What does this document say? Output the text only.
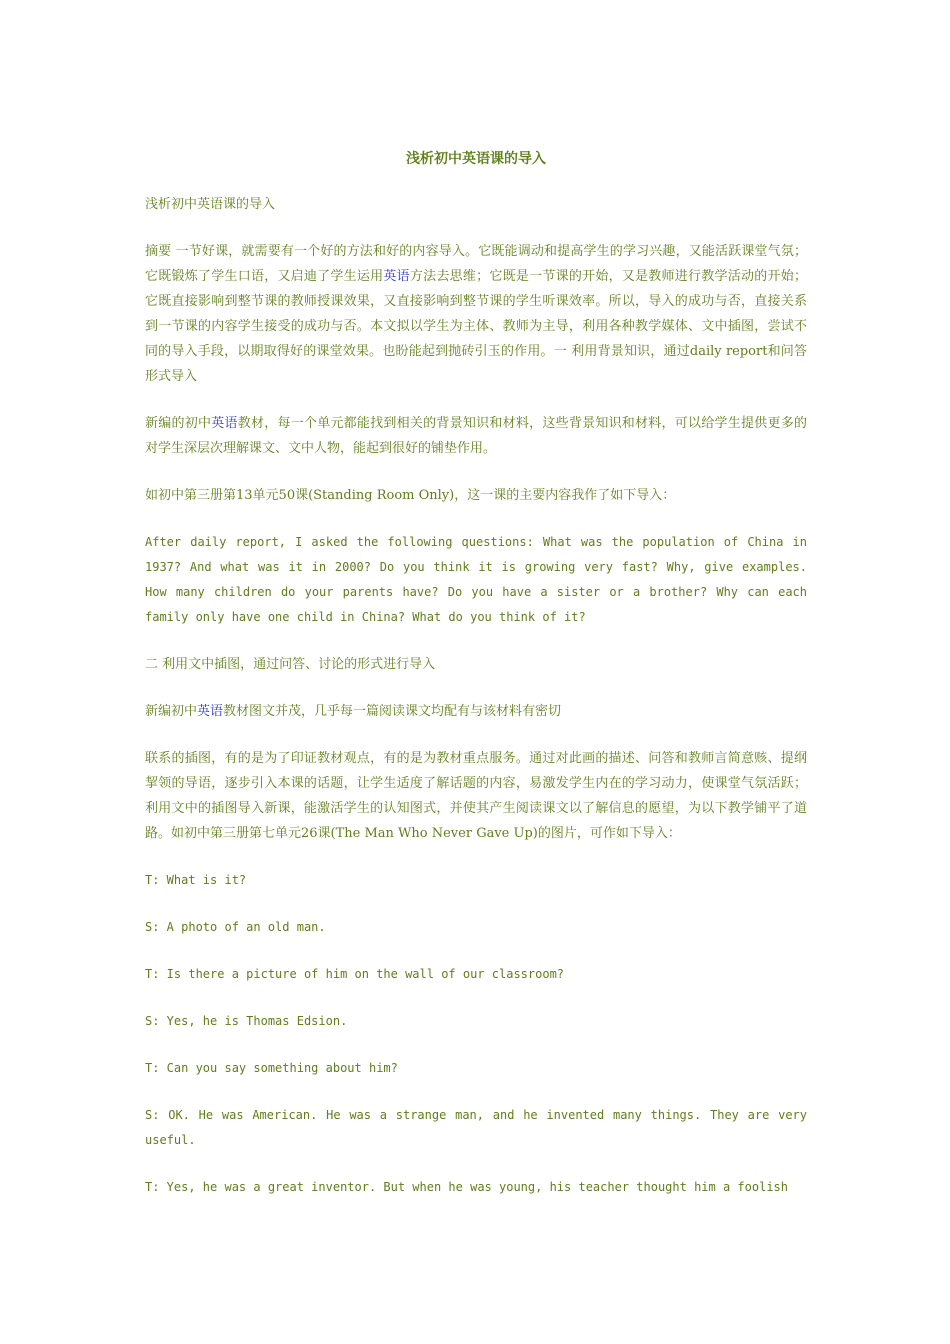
浅析初中英语课的导入

浅析初中英语课的导入

摘要 一节好课，就需要有一个好的方法和好的内容导入。它既能调动和提高学生的学习兴趣，又能活跃课堂气氛；它既锻炼了学生口语，又启迪了学生运用英语方法去思维；它既是一节课的开始，又是教师进行教学活动的开始；它既直接影响到整节课的教师授课效果，又直接影响到整节课的学生听课效率。所以，导入的成功与否，直接关系到一节课的内容学生接受的成功与否。本文拟以学生为主体、教师为主导，利用各种教学媒体、文中插图，尝试不同的导入手段，以期取得好的课堂效果。也盼能起到抛砖引玉的作用。一 利用背景知识，通过daily report和问答形式导入

新编的初中英语教材，每一个单元都能找到相关的背景知识和材料，这些背景知识和材料，可以给学生提供更多的对学生深层次理解课文、文中人物，能起到很好的铺垫作用。

如初中第三册第13单元50课(Standing Room Only)，这一课的主要内容我作了如下导入：

After daily report, I asked the following questions: What was the population of China in 1937? And what was it in 2000? Do you think it is growing very fast? Why, give examples. How many children do your parents have? Do you have a sister or a brother? Why can each family only have one child in China? What do you think of it?

二 利用文中插图，通过问答、讨论的形式进行导入

新编初中英语教材图文并茂，几乎每一篇阅读课文均配有与该材料有密切

联系的插图，有的是为了印证教材观点，有的是为教材重点服务。通过对此画的描述、问答和教师言简意赅、提纲挈领的导语，逐步引入本课的话题，让学生适度了解话题的内容，易激发学生内在的学习动力，使课堂气氛活跃；利用文中的插图导入新课，能激活学生的认知图式，并使其产生阅读课文以了解信息的愿望，为以下教学铺平了道路。如初中第三册第七单元26课(The Man Who Never Gave Up)的图片，可作如下导入：

T: What is it?

S: A photo of an old man.

T: Is there a picture of him on the wall of our classroom?

S: Yes, he is Thomas Edsion.

T: Can you say something about him?

S: OK. He was American. He was a strange man, and he invented many things. They are very useful.

T: Yes, he was a great inventor. But when he was young, his teacher thought him a foolish
